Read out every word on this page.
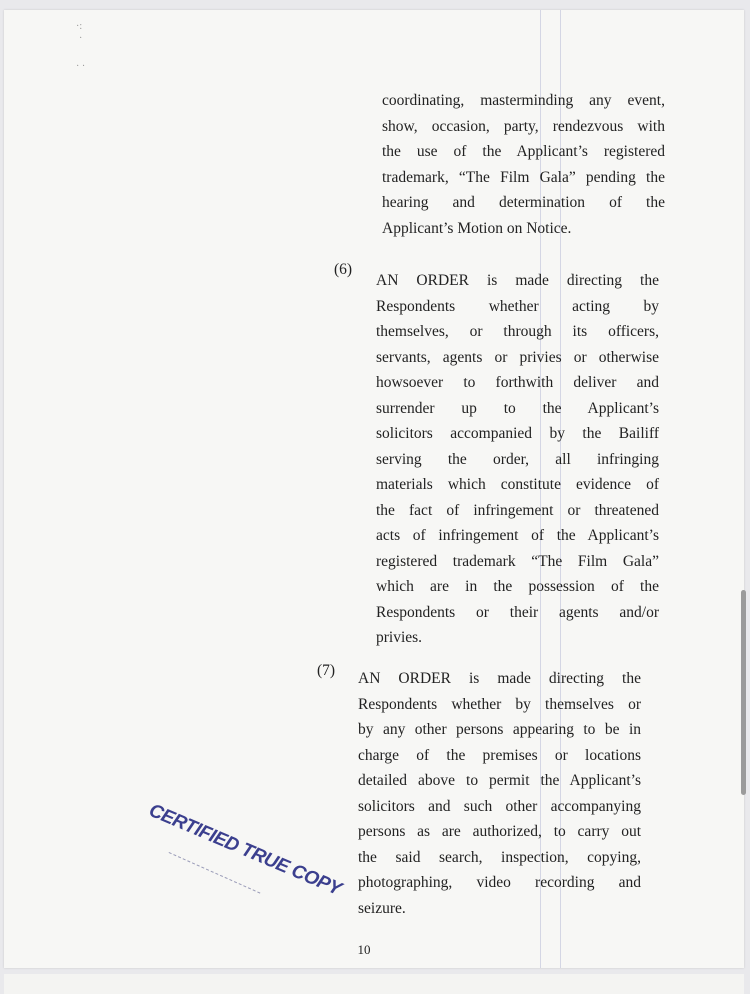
·:
·
· ·
coordinating, masterminding any event,
show, occasion, party, rendezvous with
the use of the Applicant’s registered
trademark, “The Film Gala” pending the
hearing and determination of the
Applicant’s Motion on Notice.
(6)
AN ORDER is made directing the
Respondents whether acting by
themselves, or through its officers,
servants, agents or privies or otherwise
howsoever to forthwith deliver and
surrender up to the Applicant’s
solicitors accompanied by the Bailiff
serving the order, all infringing
materials which constitute evidence of
the fact of infringement or threatened
acts of infringement of the Applicant’s
registered trademark “The Film Gala”
which are in the possession of the
Respondents or their agents and/or
privies.
(7) AN ORDER is made directing the
Respondents whether by themselves or
by any other persons appearing to be in
charge of the premises or locations
detailed above to permit the Applicant’s
solicitors and such other accompanying
persons as are authorized, to carry out
the said search, inspection, copying,
photographing, video recording and
seizure.
CERTIFIED TRUE COPY
10
